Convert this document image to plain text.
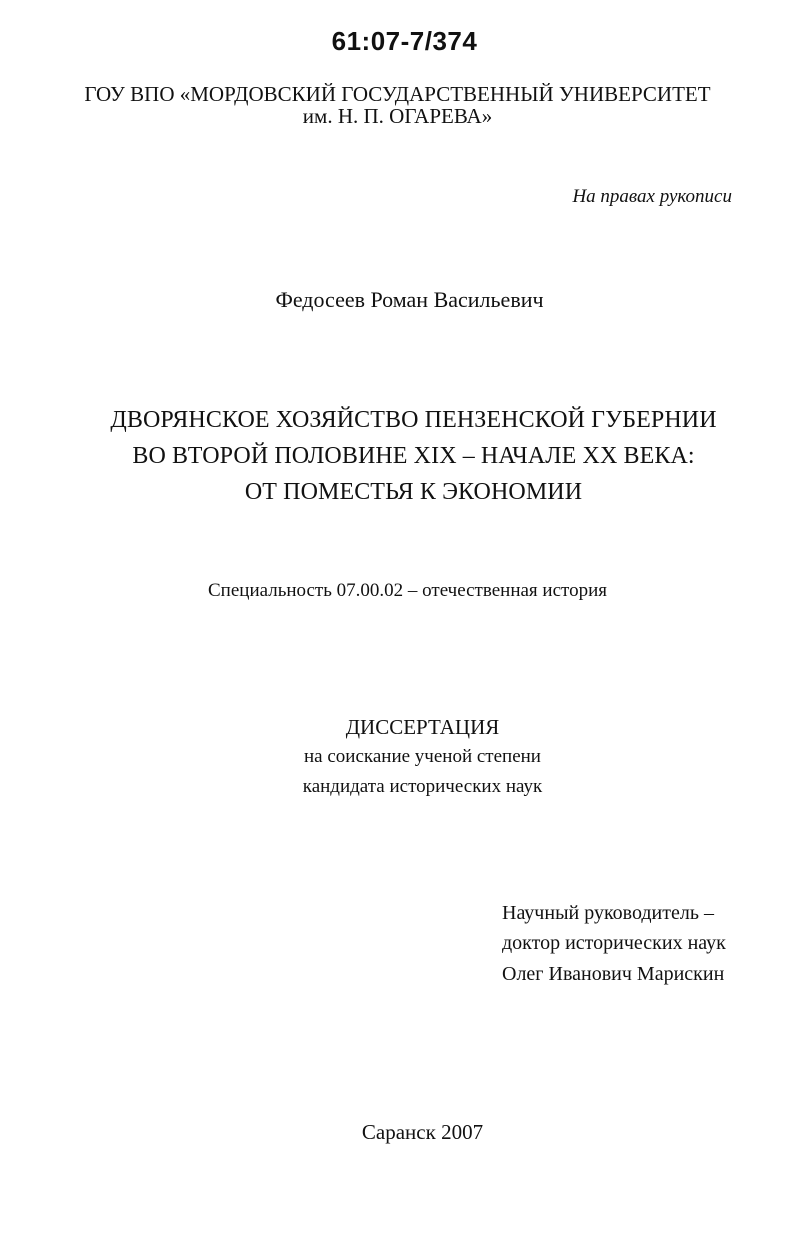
61:07-7/374

ГОУ ВПО «МОРДОВСКИЙ ГОСУДАРСТВЕННЫЙ УНИВЕРСИТЕТ

им. Н. П. ОГАРЕВА»

На правах рукописи

Федосеев Роман Васильевич

ДВОРЯНСКОЕ ХОЗЯЙСТВО ПЕНЗЕНСКОЙ ГУБЕРНИИ

ВО ВТОРОЙ ПОЛОВИНЕ XIX – НАЧАЛЕ XX ВЕКА:

ОТ ПОМЕСТЬЯ К ЭКОНОМИИ

Специальность 07.00.02 – отечественная история

ДИССЕРТАЦИЯ

на соискание ученой степени

кандидата исторических наук

Научный руководитель –

доктор исторических наук

Олег Иванович Марискин

Саранск 2007
